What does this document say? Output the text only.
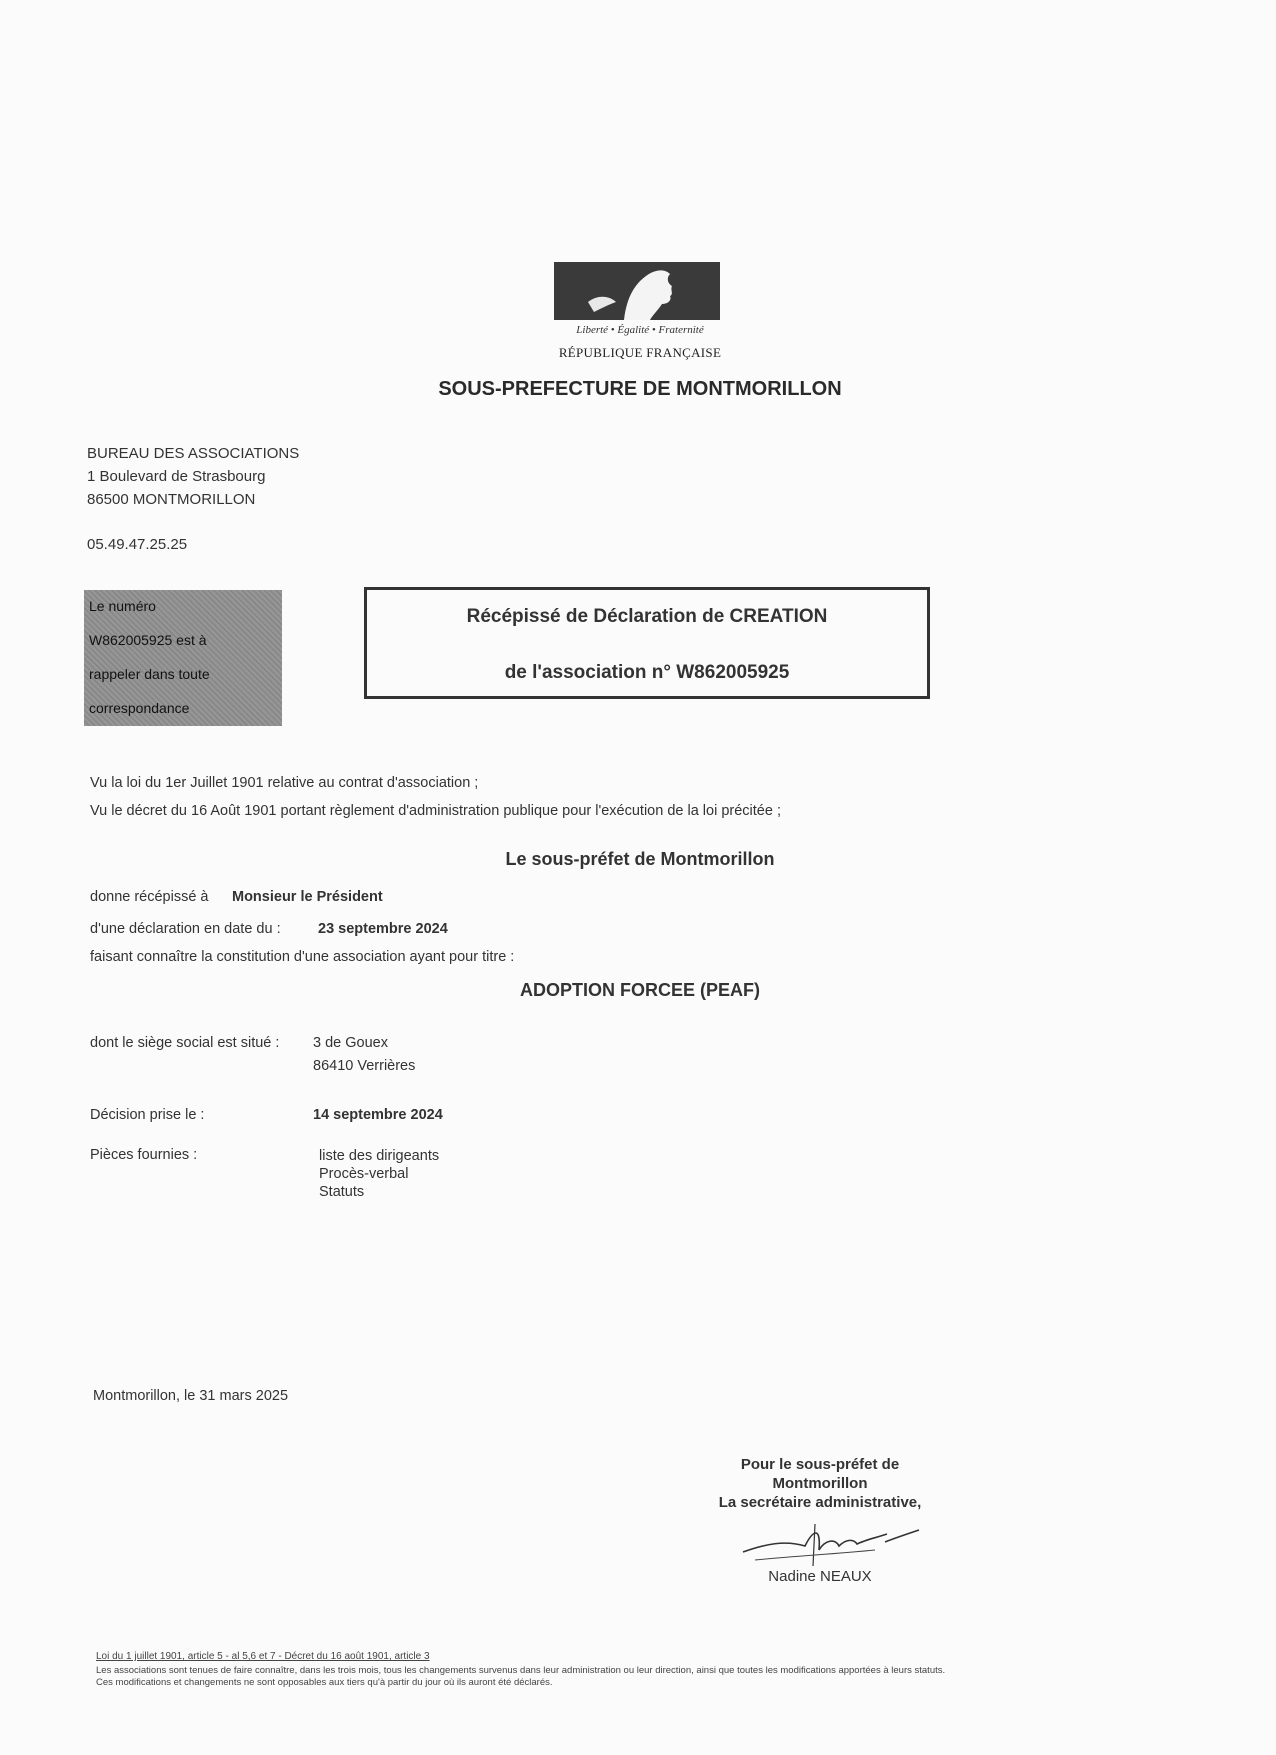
Liberté • Égalité • Fraternité
RÉPUBLIQUE FRANÇAISE
SOUS-PREFECTURE DE MONTMORILLON
BUREAU DES ASSOCIATIONS
1 Boulevard de Strasbourg
86500 MONTMORILLON
05.49.47.25.25
Le numéro
W862005925 est à
rappeler dans toute
correspondance
Récépissé de Déclaration de CREATION
de l'association n° W862005925
Vu la loi du 1er Juillet 1901 relative au contrat d'association ;
Vu le décret du 16 Août 1901 portant règlement d'administration publique pour l'exécution de la loi précitée ;
Le sous-préfet de Montmorillon
donne récépissé à Monsieur le Président
d'une déclaration en date du :	23 septembre 2024
faisant connaître la constitution d'une association ayant pour titre :
ADOPTION FORCEE (PEAF)
dont le siège social est situé : 3 de Gouex
86410 Verrières
Décision prise le :	14 septembre 2024
Pièces fournies :	liste des dirigeants
Procès-verbal
Statuts
Montmorillon, le 31 mars 2025
Pour le sous-préfet de
Montmorillon
La secrétaire administrative,
Nadine NEAUX
Loi du 1 juillet 1901, article 5 - al 5,6 et 7 - Décret du 16 août 1901, article 3
Les associations sont tenues de faire connaître, dans les trois mois, tous les changements survenus dans leur administration ou leur direction, ainsi que toutes les modifications apportées à leurs statuts.
Ces modifications et changements ne sont opposables aux tiers qu'à partir du jour où ils auront été déclarés.
